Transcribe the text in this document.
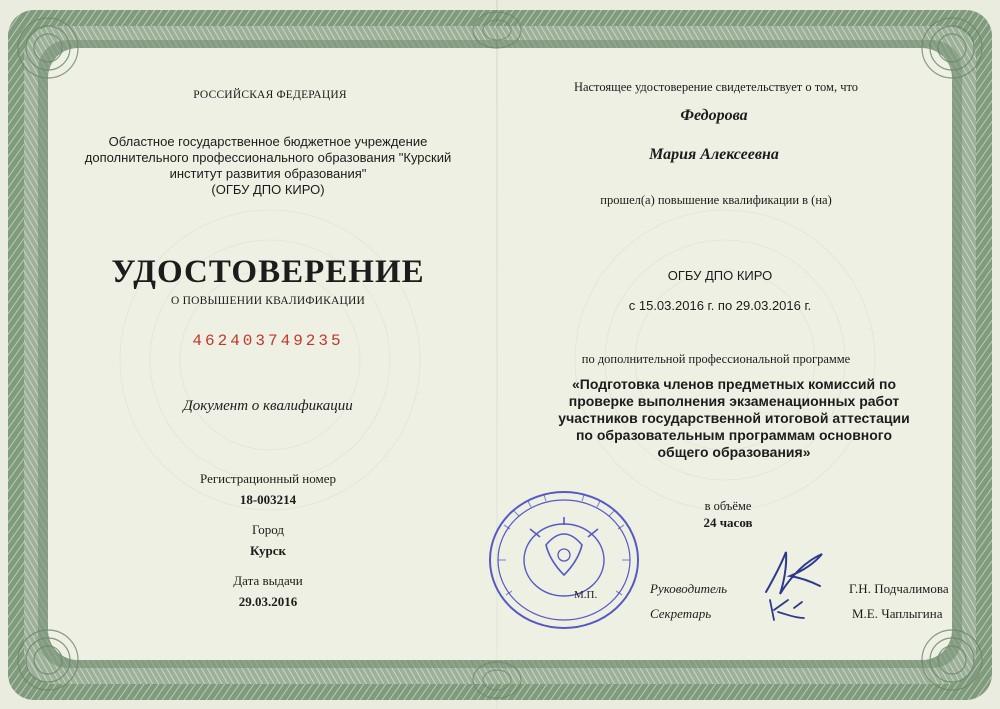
РОССИЙСКАЯ ФЕДЕРАЦИЯ
Областное государственное бюджетное учреждение
дополнительного профессионального образования "Курский
институт развития образования"
(ОГБУ ДПО КИРО)
УДОСТОВЕРЕНИЕ
О ПОВЫШЕНИИ КВАЛИФИКАЦИИ
462403749235
Документ о квалификации
Регистрационный номер
18-003214
Город
Курск
Дата выдачи
29.03.2016
Настоящее удостоверение свидетельствует о том, что
Федорова
Мария Алексеевна
прошел(а) повышение квалификации в (на)
ОГБУ ДПО КИРО
с 15.03.2016 г. по 29.03.2016 г.
по дополнительной профессиональной программе
«Подготовка членов предметных комиссий по
проверке выполнения экзаменационных работ
участников государственной итоговой аттестации
по образовательным программам основного
общего образования»
в объёме
24 часов
М.П.	Руководитель	Г.Н. Подчалимова
Секретарь	М.Е. Чаплыгина
